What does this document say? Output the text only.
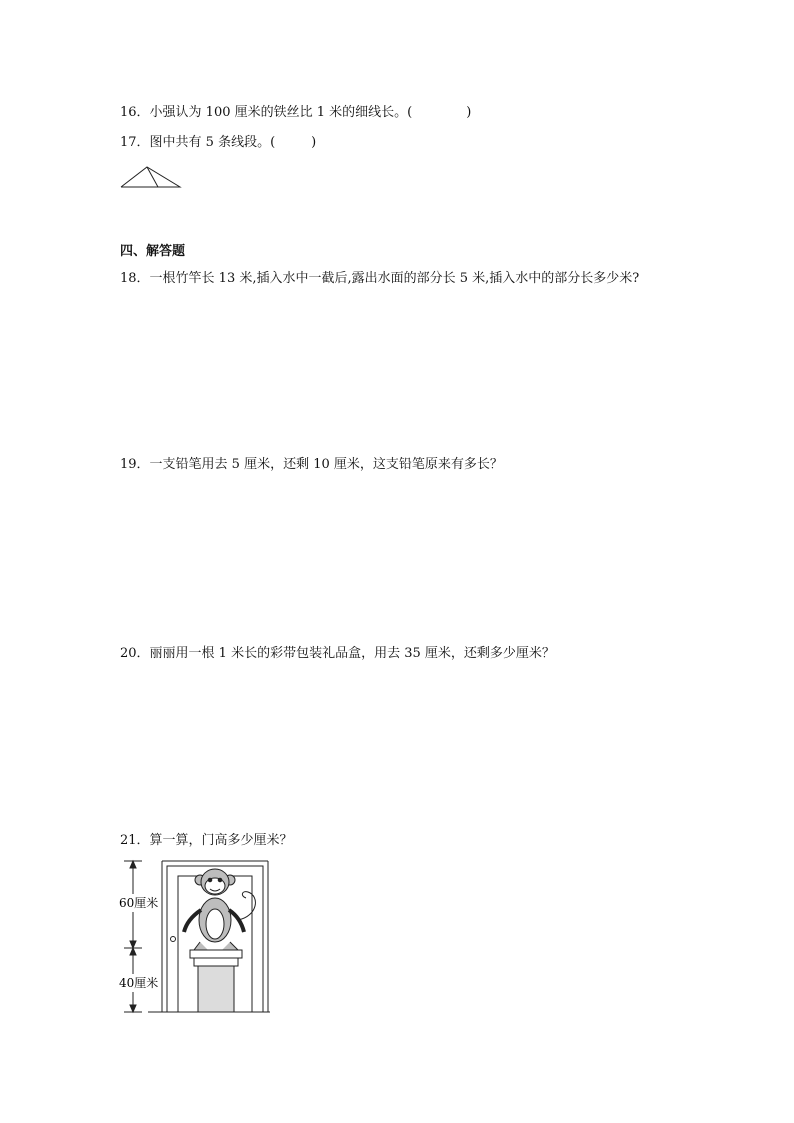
16．小强认为 100 厘米的铁丝比 1 米的细线长。(	)
17．图中共有 5 条线段。(	)
四、解答题
18．一根竹竿长 13 米,插入水中一截后,露出水面的部分长 5 米,插入水中的部分长多少米?
19．一支铅笔用去 5 厘米，还剩 10 厘米，这支铅笔原来有多长？
20．丽丽用一根 1 米长的彩带包装礼品盒，用去 35 厘米，还剩多少厘米？
21．算一算，门高多少厘米？
60厘米
40厘米
